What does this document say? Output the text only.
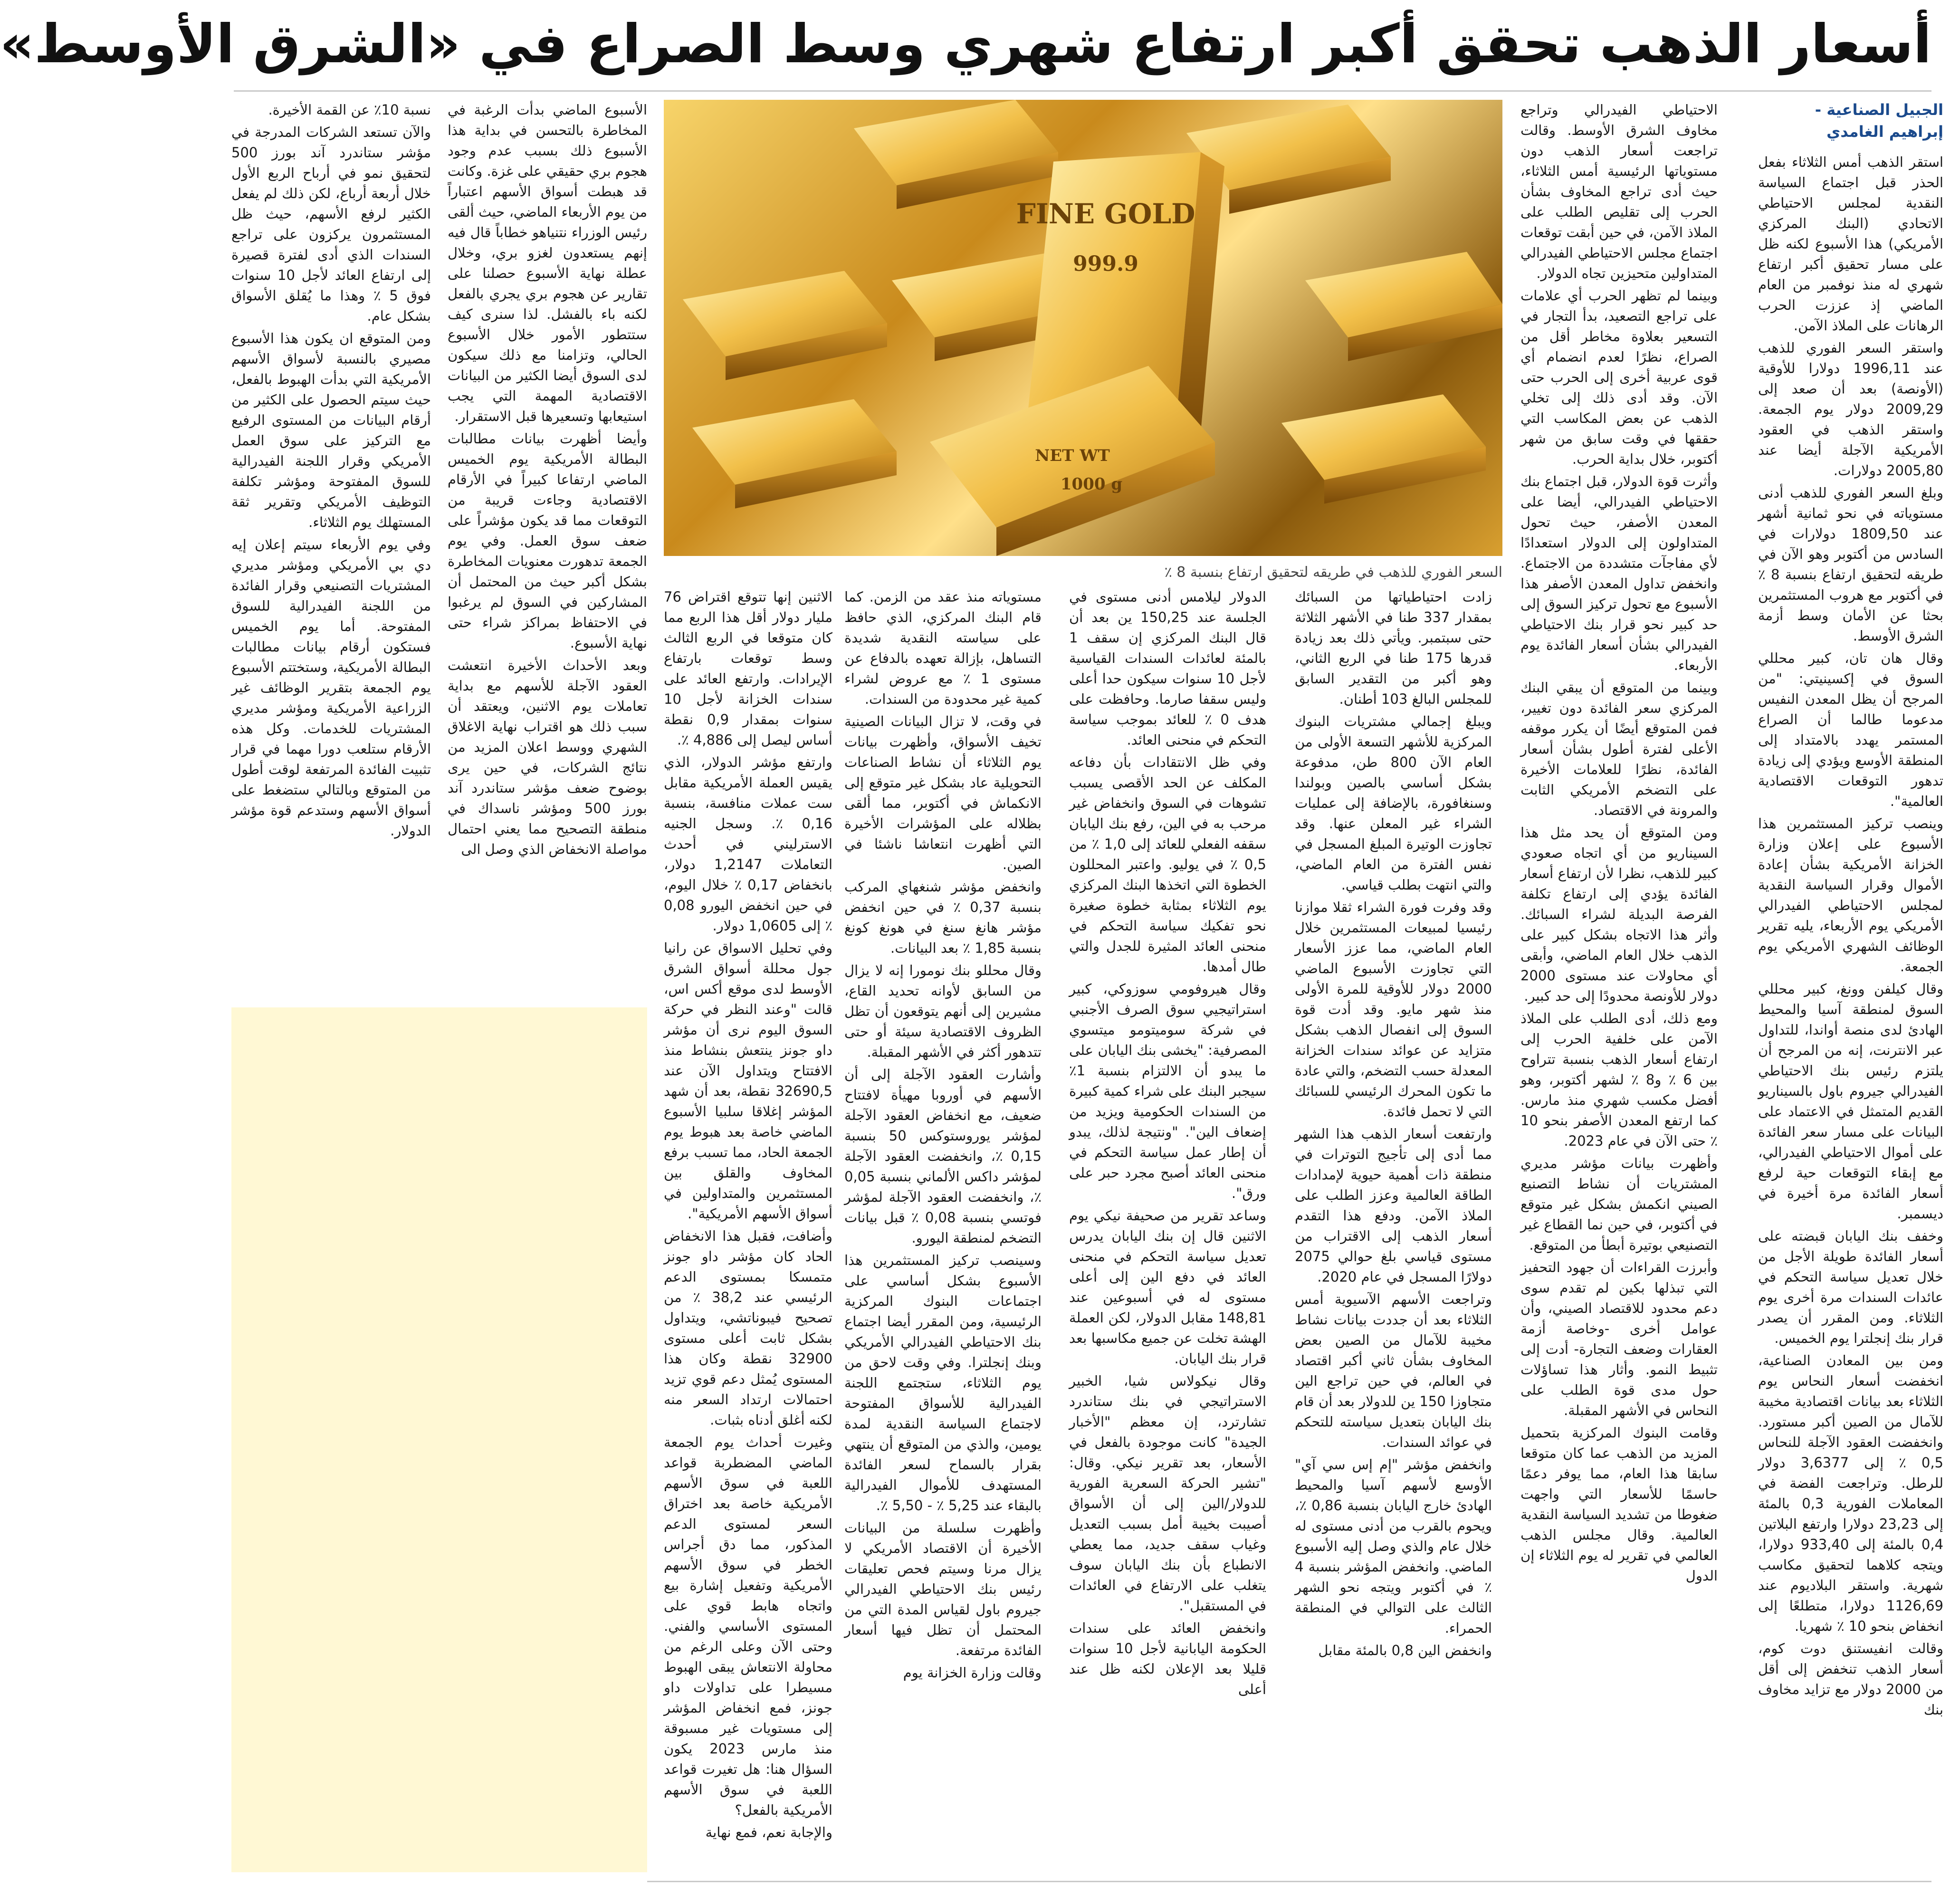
أسعار الذهب تحقق أكبر ارتفاع شهري وسط الصراع في «الشرق الأوسط»
الجبيل الصناعية - إبراهيم الغامدي

استقر الذهب أمس الثلاثاء بفعل الحذر قبل اجتماع السياسة النقدية لمجلس الاحتياطي الاتحادي (البنك المركزي الأمريكي) هذا الأسبوع لكنه ظل على مسار تحقيق أكبر ارتفاع شهري له منذ نوفمبر من العام الماضي إذ عززت الحرب الرهانات على الملاذ الآمن.

واستقر السعر الفوري للذهب عند 1996,11 دولارا للأوقية (الأونصة) بعد أن صعد إلى 2009,29 دولار يوم الجمعة. واستقر الذهب في العقود الأمريكية الآجلة أيضا عند 2005,80 دولارات.

وبلغ السعر الفوري للذهب أدنى مستوياته في نحو ثمانية أشهر عند 1809,50 دولارات في السادس من أكتوبر وهو الآن في طريقه لتحقيق ارتفاع بنسبة 8 ٪ في أكتوبر مع هروب المستثمرين بحثا عن الأمان وسط أزمة الشرق الأوسط.

وقال هان تان، كبير محللي السوق في إكسينيتي: "من المرجح أن يظل المعدن النفيس مدعوما طالما أن الصراع المستمر يهدد بالامتداد إلى المنطقة الأوسع ويؤدي إلى زيادة تدهور التوقعات الاقتصادية العالمية".

وينصب تركيز المستثمرين هذا الأسبوع على إعلان وزارة الخزانة الأمريكية بشأن إعادة الأموال وقرار السياسة النقدية لمجلس الاحتياطي الفيدرالي الأمريكي يوم الأربعاء، يليه تقرير الوظائف الشهري الأمريكي يوم الجمعة.

وقال كيلفن وونغ، كبير محللي السوق لمنطقة آسيا والمحيط الهادئ لدى منصة أواندا، للتداول عبر الانترنت، إنه من المرجح أن يلتزم رئيس بنك الاحتياطي الفيدرالي جيروم باول بالسيناريو القديم المتمثل في الاعتماد على البيانات على مسار سعر الفائدة على أموال الاحتياطي الفيدرالي، مع إبقاء التوقعات حية لرفع أسعار الفائدة مرة أخيرة في ديسمبر.

وخفف بنك اليابان قبضته على أسعار الفائدة طويلة الأجل من خلال تعديل سياسة التحكم في عائدات السندات مرة أخرى يوم الثلاثاء. ومن المقرر أن يصدر قرار بنك إنجلترا يوم الخميس.

ومن بين المعادن الصناعية، انخفضت أسعار النحاس يوم الثلاثاء بعد بيانات اقتصادية مخيبة للآمال من الصين أكبر مستورد. وانخفضت العقود الآجلة للنحاس 0,5 ٪ إلى 3,6377 دولار للرطل. وتراجعت الفضة في المعاملات الفورية 0,3 بالمئة إلى 23,23 دولارا وارتفع البلاتين 0,4 بالمئة إلى 933,40 دولارا، ويتجه كلاهما لتحقيق مكاسب شهرية. واستقر البلاديوم عند 1126,69 دولارا، متطلعًا إلى انخفاض بنحو 10 ٪ شهريا.

وقالت انفيستنق دوت كوم، أسعار الذهب تنخفض إلى أقل من 2000 دولار مع تزايد مخاوف بنك

الاحتياطي الفيدرالي وتراجع مخاوف الشرق الأوسط. وقالت تراجعت أسعار الذهب دون مستوياتها الرئيسية أمس الثلاثاء، حيث أدى تراجع المخاوف بشأن الحرب إلى تقليص الطلب على الملاذ الآمن، في حين أبقت توقعات اجتماع مجلس الاحتياطي الفيدرالي المتداولين متحيزين تجاه الدولار.

وبينما لم تظهر الحرب أي علامات على تراجع التصعيد، بدأ التجار في التسعير بعلاوة مخاطر أقل من الصراع، نظرًا لعدم انضمام أي قوى عربية أخرى إلى الحرب حتى الآن. وقد أدى ذلك إلى تخلي الذهب عن بعض المكاسب التي حققها في وقت سابق من شهر أكتوبر، خلال بداية الحرب.

وأثرت قوة الدولار، قبل اجتماع بنك الاحتياطي الفيدرالي، أيضا على المعدن الأصفر، حيث تحول المتداولون إلى الدولار استعدادًا لأي مفاجآت متشددة من الاجتماع. وانخفض تداول المعدن الأصفر هذا الأسبوع مع تحول تركيز السوق إلى حد كبير نحو قرار بنك الاحتياطي الفيدرالي بشأن أسعار الفائدة يوم الأربعاء.

وبينما من المتوقع أن يبقي البنك المركزي سعر الفائدة دون تغيير، فمن المتوقع أيضًا أن يكرر موقفه الأعلى لفترة أطول بشأن أسعار الفائدة، نظرًا للعلامات الأخيرة على التضخم الأمريكي الثابت والمرونة في الاقتصاد.

ومن المتوقع أن يحد مثل هذا السيناريو من أي اتجاه صعودي كبير للذهب، نظرا لأن ارتفاع أسعار الفائدة يؤدي إلى ارتفاع تكلفة الفرصة البديلة لشراء السبائك. وأثر هذا الاتجاه بشكل كبير على الذهب خلال العام الماضي، وأبقى أي محاولات عند مستوى 2000 دولار للأونصة محدودًا إلى حد كبير.

ومع ذلك، أدى الطلب على الملاذ الآمن على خلفية الحرب إلى ارتفاع أسعار الذهب بنسبة تتراوح بين 6 ٪ و8 ٪ لشهر أكتوبر، وهو أفضل مكسب شهري منذ مارس. كما ارتفع المعدن الأصفر بنحو 10 ٪ حتى الآن في عام 2023.

وأظهرت بيانات مؤشر مديري المشتريات أن نشاط التصنيع الصيني انكمش بشكل غير متوقع في أكتوبر، في حين نما القطاع غير التصنيعي بوتيرة أبطأ من المتوقع.

وأبرزت القراءات أن جهود التحفيز التي تبذلها بكين لم تقدم سوى دعم محدود للاقتصاد الصيني، وأن عوامل أخرى -وخاصة أزمة العقارات وضعف التجارة- أدت إلى تثبيط النمو. وأثار هذا تساؤلات حول مدى قوة الطلب على النحاس في الأشهر المقبلة.

وقامت البنوك المركزية بتحميل المزيد من الذهب عما كان متوقعا سابقا هذا العام، مما يوفر دعمًا حاسمًا للأسعار التي واجهت ضغوطا من تشديد السياسة النقدية العالمية. وقال مجلس الذهب العالمي في تقرير له يوم الثلاثاء إن الدول

زادت احتياطياتها من السبائك بمقدار 337 طنا في الأشهر الثلاثة حتى سبتمبر. ويأتي ذلك بعد زيادة قدرها 175 طنا في الربع الثاني، وهو أكبر من التقدير السابق للمجلس البالغ 103 أطنان.

ويبلغ إجمالي مشتريات البنوك المركزية للأشهر التسعة الأولى من العام الآن 800 طن، مدفوعة بشكل أساسي بالصين وبولندا وسنغافورة، بالإضافة إلى عمليات الشراء غير المعلن عنها. وقد تجاوزت الوتيرة المبلغ المسجل في نفس الفترة من العام الماضي، والتي انتهت بطلب قياسي.

وقد وفرت فورة الشراء ثقلا موازنا رئيسيا لمبيعات المستثمرين خلال العام الماضي، مما عزز الأسعار التي تجاوزت الأسبوع الماضي 2000 دولار للأوقية للمرة الأولى منذ شهر مايو. وقد أدت قوة السوق إلى انفصال الذهب بشكل متزايد عن عوائد سندات الخزانة المعدلة حسب التضخم، والتي عادة ما تكون المحرك الرئيسي للسبائك التي لا تحمل فائدة.

وارتفعت أسعار الذهب هذا الشهر مما أدى إلى تأجيج التوترات في منطقة ذات أهمية حيوية لإمدادات الطاقة العالمية وعزز الطلب على الملاذ الآمن. ودفع هذا التقدم أسعار الذهب إلى الاقتراب من مستوى قياسي بلغ حوالي 2075 دولارًا المسجل في عام 2020.

وتراجعت الأسهم الآسيوية أمس الثلاثاء بعد أن جددت بيانات نشاط مخيبة للآمال من الصين بعض المخاوف بشأن ثاني أكبر اقتصاد في العالم، في حين تراجع الين متجاوزا 150 ين للدولار بعد أن قام بنك اليابان بتعديل سياسته للتحكم في عوائد السندات.

وانخفض مؤشر "إم إس سي آي" الأوسع لأسهم آسيا والمحيط الهادئ خارج اليابان بنسبة 0,86 ٪، ويحوم بالقرب من أدنى مستوى له خلال عام والذي وصل إليه الأسبوع الماضي. وانخفض المؤشر بنسبة 4 ٪ في أكتوبر ويتجه نحو الشهر الثالث على التوالي في المنطقة الحمراء.

وانخفض الين 0,8 بالمئة مقابل

الدولار ليلامس أدنى مستوى في الجلسة عند 150,25 ين بعد أن قال البنك المركزي إن سقف 1 بالمئة لعائدات السندات القياسية لأجل 10 سنوات سيكون حدا أعلى وليس سقفا صارما. وحافظت على هدف 0 ٪ للعائد بموجب سياسة التحكم في منحنى العائد.

وفي ظل الانتقادات بأن دفاعه المكلف عن الحد الأقصى يسبب تشوهات في السوق وانخفاض غير مرحب به في الين، رفع بنك اليابان سقفه الفعلي للعائد إلى 1,0 ٪ من 0,5 ٪ في يوليو. واعتبر المحللون الخطوة التي اتخذها البنك المركزي يوم الثلاثاء بمثابة خطوة صغيرة نحو تفكيك سياسة التحكم في منحنى العائد المثيرة للجدل والتي طال أمدها.

وقال هيروفومي سوزوكي، كبير استراتيجيي سوق الصرف الأجنبي في شركة سوميتومو ميتسوي المصرفية: "يخشى بنك اليابان على ما يبدو أن الالتزام بنسبة 1٪ سيجبر البنك على شراء كمية كبيرة من السندات الحكومية ويزيد من إضعاف الين". "ونتيجة لذلك، يبدو أن إطار عمل سياسة التحكم في منحنى العائد أصبح مجرد حبر على ورق".

وساعد تقرير من صحيفة نيكي يوم الاثنين قال إن بنك اليابان يدرس تعديل سياسة التحكم في منحنى العائد في دفع الين إلى أعلى مستوى له في أسبوعين عند 148,81 مقابل الدولار، لكن العملة الهشة تخلت عن جميع مكاسبها بعد قرار بنك اليابان.

وقال نيكولاس شيا، الخبير الاستراتيجي في بنك ستاندرد تشارترد، إن معظم "الأخبار الجيدة" كانت موجودة بالفعل في الأسعار، بعد تقرير نيكي. وقال: "تشير الحركة السعرية الفورية للدولار/الين إلى أن الأسواق أصيبت بخيبة أمل بسبب التعديل وغياب سقف جديد، مما يعطي الانطباع بأن بنك اليابان سوف يتغلب على الارتفاع في العائدات في المستقبل".

وانخفض العائد على سندات الحكومة اليابانية لأجل 10 سنوات قليلا بعد الإعلان لكنه ظل عند أعلى

مستوياته منذ عقد من الزمن. كما قام البنك المركزي، الذي حافظ على سياسته النقدية شديدة التساهل، بإزالة تعهده بالدفاع عن مستوى 1 ٪ مع عروض لشراء كمية غير محدودة من السندات.

في وقت، لا تزال البيانات الصينية تخيف الأسواق، وأظهرت بيانات يوم الثلاثاء أن نشاط الصناعات التحويلية عاد بشكل غير متوقع إلى الانكماش في أكتوبر، مما ألقى بظلاله على المؤشرات الأخيرة التي أظهرت انتعاشا ناشئا في الصين.

وانخفض مؤشر شنغهاي المركب بنسبة 0,37 ٪ في حين انخفض مؤشر هانغ سنغ في هونغ كونغ بنسبة 1,85 ٪ بعد البيانات.

وقال محللو بنك نومورا إنه لا يزال من السابق لأوانه تحديد القاع، مشيرين إلى أنهم يتوقعون أن تظل الظروف الاقتصادية سيئة أو حتى تتدهور أكثر في الأشهر المقبلة.

وأشارت العقود الآجلة إلى أن الأسهم في أوروبا مهيأة لافتتاح ضعيف، مع انخفاض العقود الآجلة لمؤشر يوروستوكس 50 بنسبة 0,15 ٪، وانخفضت العقود الآجلة لمؤشر داكس الألماني بنسبة 0,05 ٪، وانخفضت العقود الآجلة لمؤشر فوتسي بنسبة 0,08 ٪ قبل بيانات التضخم لمنطقة اليورو.

وسينصب تركيز المستثمرين هذا الأسبوع بشكل أساسي على اجتماعات البنوك المركزية الرئيسية، ومن المقرر أيضا اجتماع بنك الاحتياطي الفيدرالي الأمريكي وبنك إنجلترا. وفي وقت لاحق من يوم الثلاثاء، ستجتمع اللجنة الفيدرالية للأسواق المفتوحة لاجتماع السياسة النقدية لمدة يومين، والذي من المتوقع أن ينتهي بقرار بالسماح لسعر الفائدة المستهدف للأموال الفيدرالية بالبقاء عند 5,25 ٪ - 5,50 ٪.

وأظهرت سلسلة من البيانات الأخيرة أن الاقتصاد الأمريكي لا يزال مرنا وسيتم فحص تعليقات رئيس بنك الاحتياطي الفيدرالي جيروم باول لقياس المدة التي من المحتمل أن تظل فيها أسعار الفائدة مرتفعة.

وقالت وزارة الخزانة يوم

الاثنين إنها تتوقع اقتراض 76 مليار دولار أقل هذا الربع مما كان متوقعا في الربع الثالث وسط توقعات بارتفاع الإيرادات. وارتفع العائد على سندات الخزانة لأجل 10 سنوات بمقدار 0,9 نقطة أساس ليصل إلى 4,886 ٪.

وارتفع مؤشر الدولار، الذي يقيس العملة الأمريكية مقابل ست عملات منافسة، بنسبة 0,16 ٪. وسجل الجنيه الاسترليني في أحدث التعاملات 1,2147 دولار، بانخفاض 0,17 ٪ خلال اليوم، في حين انخفض اليورو 0,08 ٪ إلى 1,0605 دولار.

وفي تحليل الاسواق عن رانيا جول محللة أسواق الشرق الأوسط لدى موقع أكس اس، قالت "وعند النظر في حركة السوق اليوم نرى أن مؤشر داو جونز ينتعش بنشاط منذ الافتتاح ويتداول الآن عند 32690,5 نقطة، بعد أن شهد المؤشر إغلاقا سلبيا الأسبوع الماضي خاصة بعد هبوط يوم الجمعة الحاد، مما تسبب برفع المخاوف والقلق بين المستثمرين والمتداولين في أسواق الأسهم الأمريكية".

وأضافت، فقبل هذا الانخفاض الحاد كان مؤشر داو جونز متمسكا بمستوى الدعم الرئيسي عند 38,2 ٪ من تصحيح فيبوناتشي، ويتداول بشكل ثابت أعلى مستوى 32900 نقطة وكان هذا المستوى يُمثل دعم قوي تزيد احتمالات ارتداد السعر منه لكنه أغلق أدناه بثبات.

وغيرت أحداث يوم الجمعة الماضي المضطربة قواعد اللعبة في سوق الأسهم الأمريكية خاصة بعد اختراق السعر لمستوى الدعم المذكور، مما دق أجراس الخطر في سوق الأسهم الأمريكية وتفعيل إشارة بيع واتجاه هابط قوي على المستوى الأساسي والفني. وحتى الآن وعلى الرغم من محاولة الانتعاش يبقى الهبوط مسيطرا على تداولات داو جونز، فمع انخفاض المؤشر إلى مستويات غير مسبوقة منذ مارس 2023 يكون السؤال هنا: هل تغيرت قواعد اللعبة في سوق الأسهم الأمريكية بالفعل؟

والإجابة نعم، فمع نهاية

الأسبوع الماضي بدأت الرغبة في المخاطرة بالتحسن في بداية هذا الأسبوع ذلك بسبب عدم وجود هجوم بري حقيقي على غزة. وكانت قد هبطت أسواق الأسهم اعتباراً من يوم الأربعاء الماضي، حيث ألقى رئيس الوزراء نتنياهو خطاباً قال فيه إنهم يستعدون لغزو بري، وخلال عطلة نهاية الأسبوع حصلنا على تقارير عن هجوم بري يجري بالفعل لكنه باء بالفشل. لذا سنرى كيف ستتطور الأمور خلال الأسبوع الحالي، وتزامنا مع ذلك سيكون لدى السوق أيضا الكثير من البيانات الاقتصادية المهمة التي يجب استيعابها وتسعيرها قبل الاستقرار.

وأيضا أظهرت بيانات مطالبات البطالة الأمريكية يوم الخميس الماضي ارتفاعا كبيراً في الأرقام الاقتصادية وجاءت قريبة من التوقعات مما قد يكون مؤشراً على ضعف سوق العمل. وفي يوم الجمعة تدهورت معنويات المخاطرة بشكل أكبر حيث من المحتمل أن المشاركين في السوق لم يرغبوا في الاحتفاظ بمراكز شراء حتى نهاية الأسبوع.

وبعد الأحداث الأخيرة انتعشت العقود الآجلة للأسهم مع بداية تعاملات يوم الاثنين، ويعتقد أن سبب ذلك هو اقتراب نهاية الاغلاق الشهري ووسط اعلان المزيد من نتائج الشركات، في حين يرى بوضوح ضعف مؤشر ستاندرد آند بورز 500 ومؤشر ناسداك في منطقة التصحيح مما يعني احتمال مواصلة الانخفاض الذي وصل الى

نسبة 10٪ عن القمة الأخيرة.

والآن تستعد الشركات المدرجة في مؤشر ستاندرد آند بورز 500 لتحقيق نمو في أرباح الربع الأول خلال أربعة أرباع، لكن ذلك لم يفعل الكثير لرفع الأسهم، حيث ظل المستثمرون يركزون على تراجع السندات الذي أدى لفترة قصيرة إلى ارتفاع العائد لأجل 10 سنوات فوق 5 ٪ وهذا ما يُقلق الأسواق بشكل عام.

ومن المتوقع ان يكون هذا الأسبوع مصيري بالنسبة لأسواق الأسهم الأمريكية التي بدأت الهبوط بالفعل، حيث سيتم الحصول على الكثير من أرقام البيانات من المستوى الرفيع مع التركيز على سوق العمل الأمريكي وقرار اللجنة الفيدرالية للسوق المفتوحة ومؤشر تكلفة التوظيف الأمريكي وتقرير ثقة المستهلك يوم الثلاثاء.

وفي يوم الأربعاء سيتم إعلان إيه دي بي الأمريكي ومؤشر مديري المشتريات التصنيعي وقرار الفائدة من اللجنة الفيدرالية للسوق المفتوحة. أما يوم الخميس فستكون أرقام بيانات مطالبات البطالة الأمريكية، وستختتم الأسبوع يوم الجمعة بتقرير الوظائف غير الزراعية الأمريكية ومؤشر مديري المشتريات للخدمات. وكل هذه الأرقام ستلعب دورا مهما في قرار تثبيت الفائدة المرتفعة لوقت أطول من المتوقع وبالتالي ستضغط على أسواق الأسهم وستدعم قوة مؤشر الدولار.

FINE GOLD
999.9
NET WT
1000 g
السعر الفوري للذهب في طريقه لتحقيق ارتفاع بنسبة 8 ٪
